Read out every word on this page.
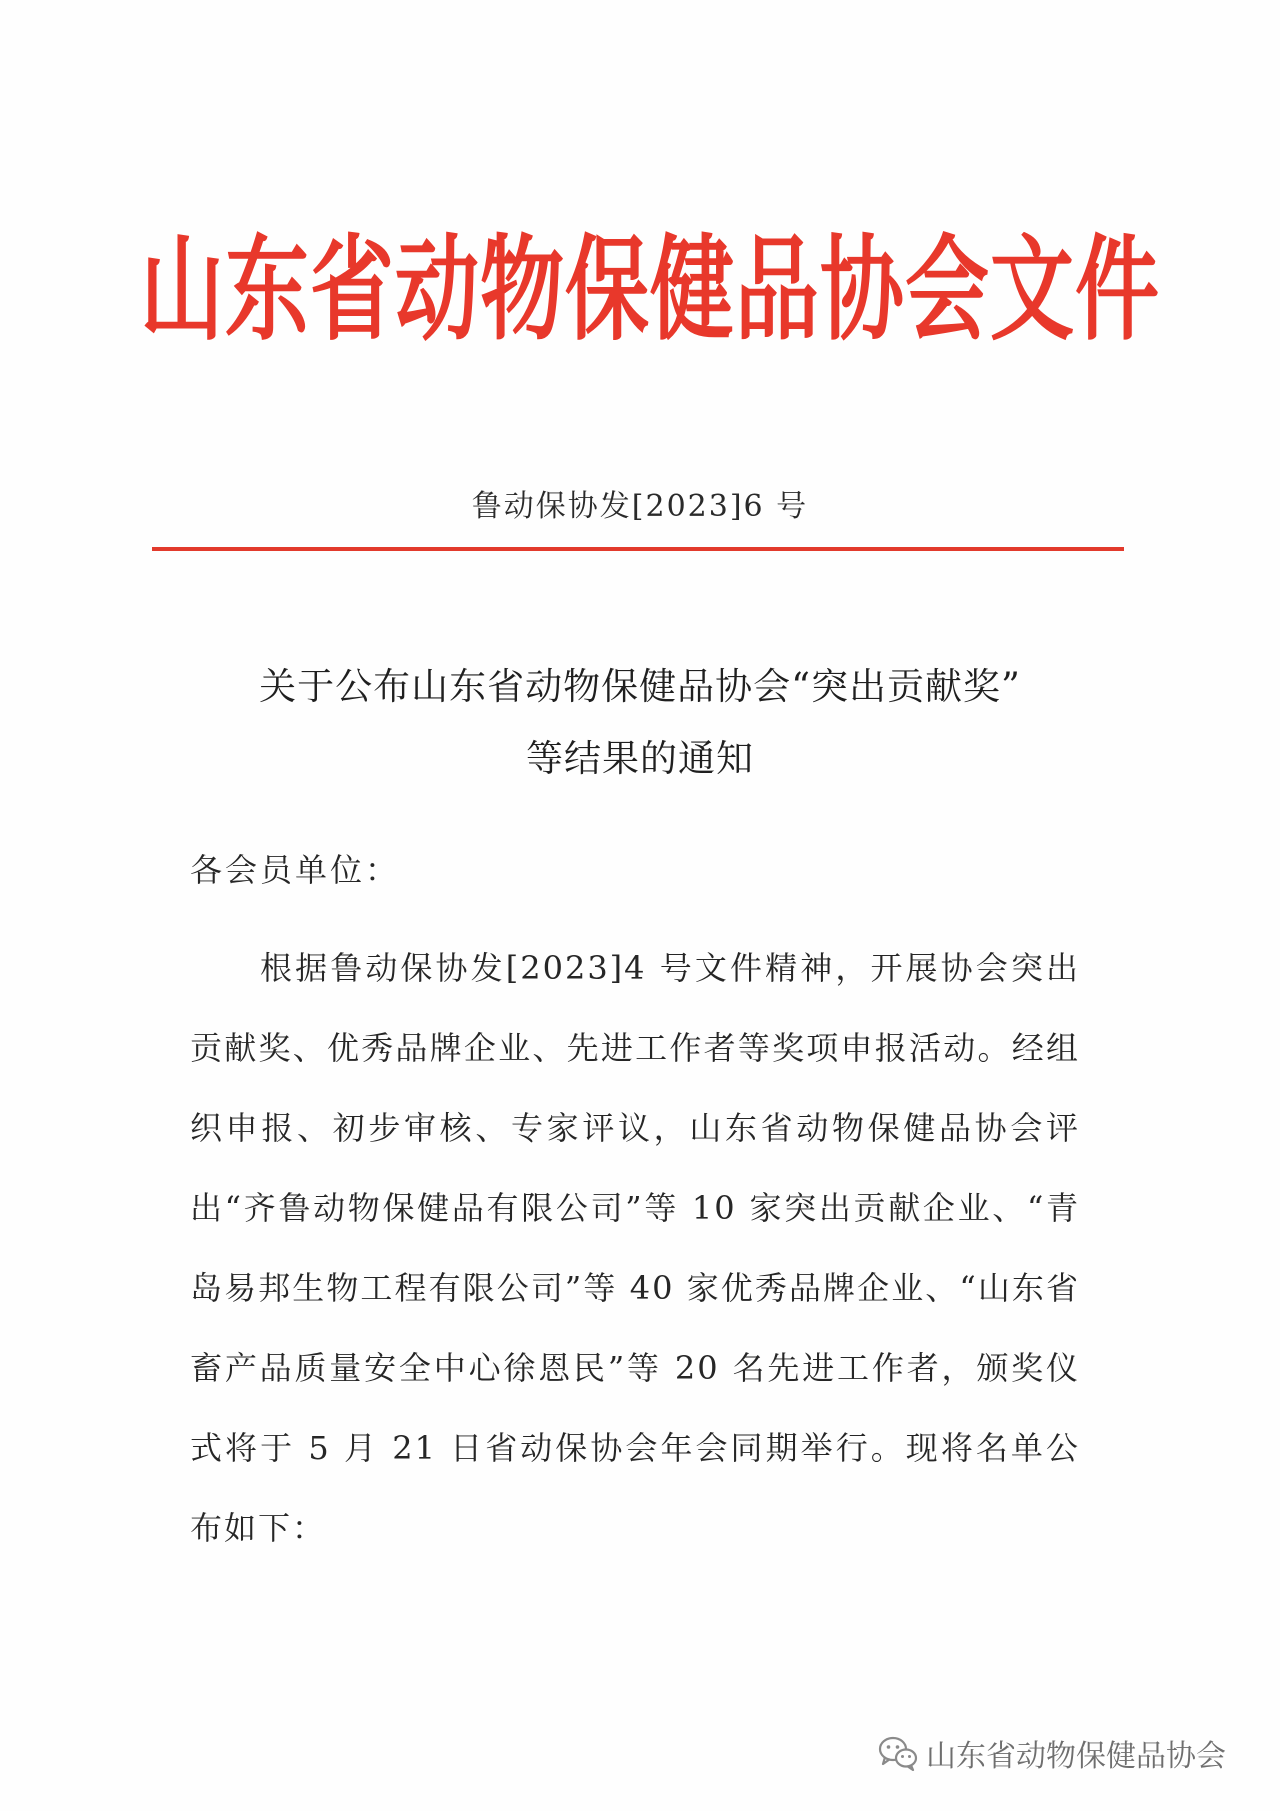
山东省动物保健品协会文件
鲁动保协发[2023]6 号
关于公布山东省动物保健品协会“突出贡献奖”
等结果的通知
各会员单位：

根据鲁动保协发[2023]4 号文件精神，开展协会突出贡献奖、优秀品牌企业、先进工作者等奖项申报活动。经组织申报、初步审核、专家评议，山东省动物保健品协会评出“齐鲁动物保健品有限公司”等 10 家突出贡献企业、“青岛易邦生物工程有限公司”等 40 家优秀品牌企业、“山东省畜产品质量安全中心徐恩民”等 20 名先进工作者，颁奖仪式将于 5 月 21 日省动保协会年会同期举行。现将名单公布如下：

山东省动物保健品协会
